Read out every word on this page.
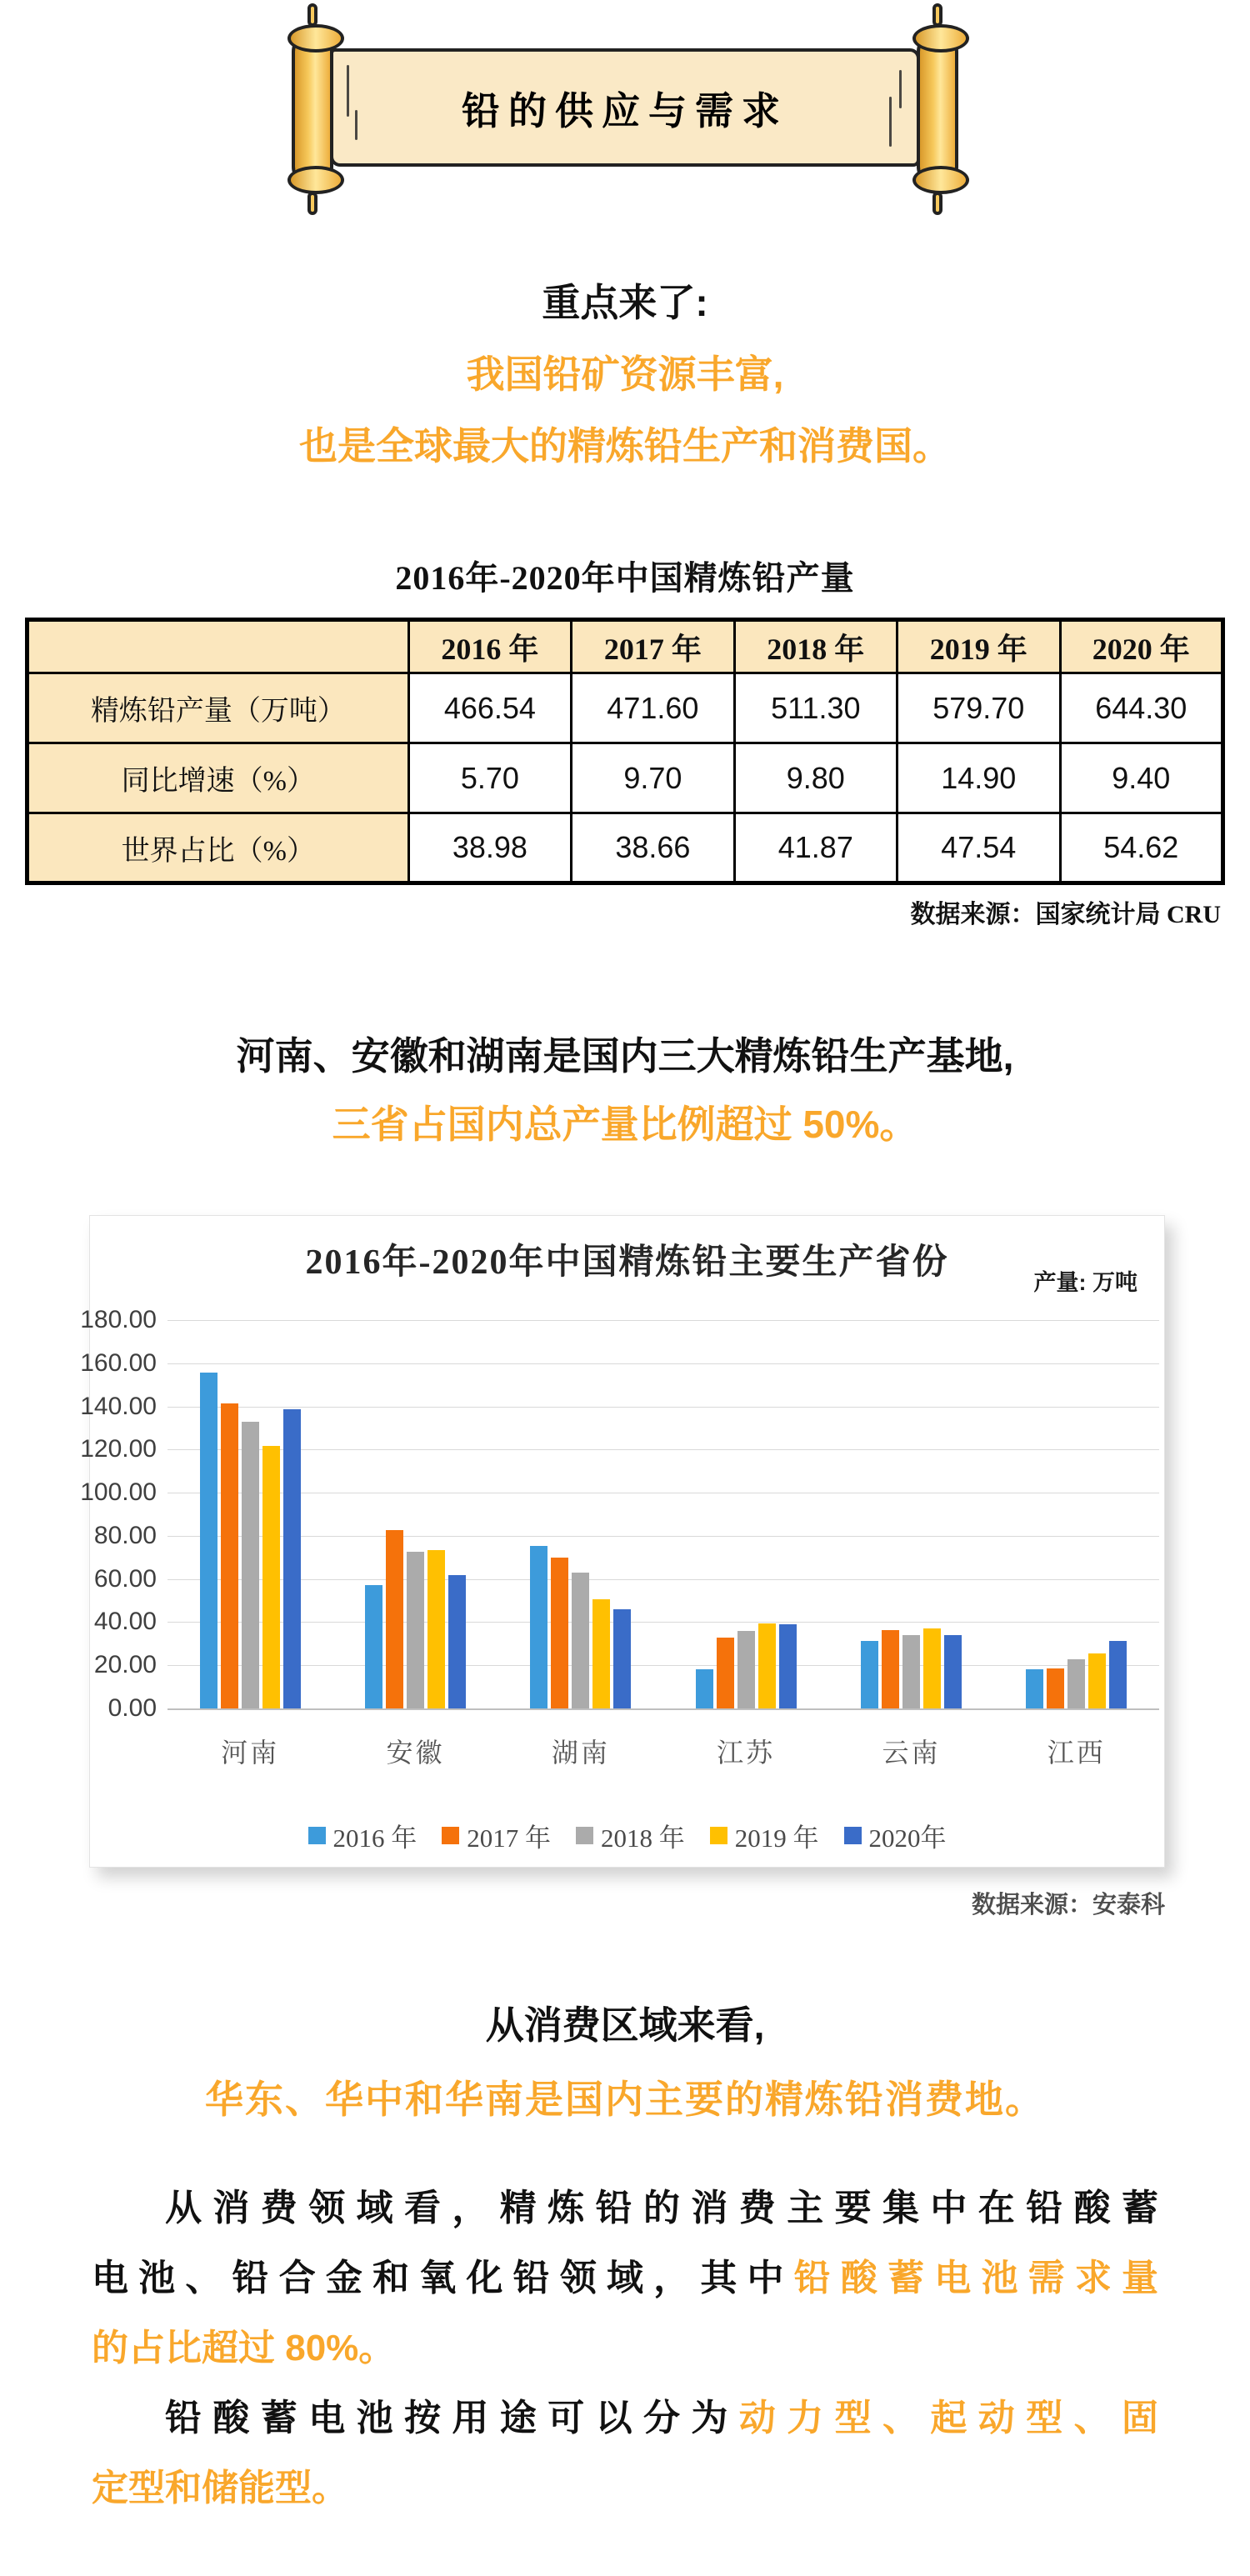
铅的供应与需求
重点来了:
我国铅矿资源丰富,
也是全球最大的精炼铅生产和消费国。
2016年-2020年中国精炼铅产量
	2016 年	2017 年	2018 年	2019 年	2020 年
精炼铅产量（万吨）	466.54	471.60	511.30	579.70	644.30
同比增速（%）	5.70	9.70	9.80	14.90	9.40
世界占比（%）	38.98	38.66	41.87	47.54	54.62
数据来源：国家统计局 CRU
河南、安徽和湖南是国内三大精炼铅生产基地,
三省占国内总产量比例超过 50%。
2016年-2020年中国精炼铅主要生产省份
产量: 万吨
180.00
160.00
140.00
120.00
100.00
80.00
60.00
40.00
20.00
0.00
河南	安徽	湖南	江苏	云南	江西
2016 年 2017 年 2018 年 2019 年 2020年
数据来源：安泰科
从消费区域来看,
华东、华中和华南是国内主要的精炼铅消费地。
从消费领域看，精炼铅的消费主要集中在铅酸蓄
电池、铅合金和氧化铅领域，其中铅酸蓄电池需求量
的占比超过 80%。
铅酸蓄电池按用途可以分为动力型、起动型、固
定型和储能型。
